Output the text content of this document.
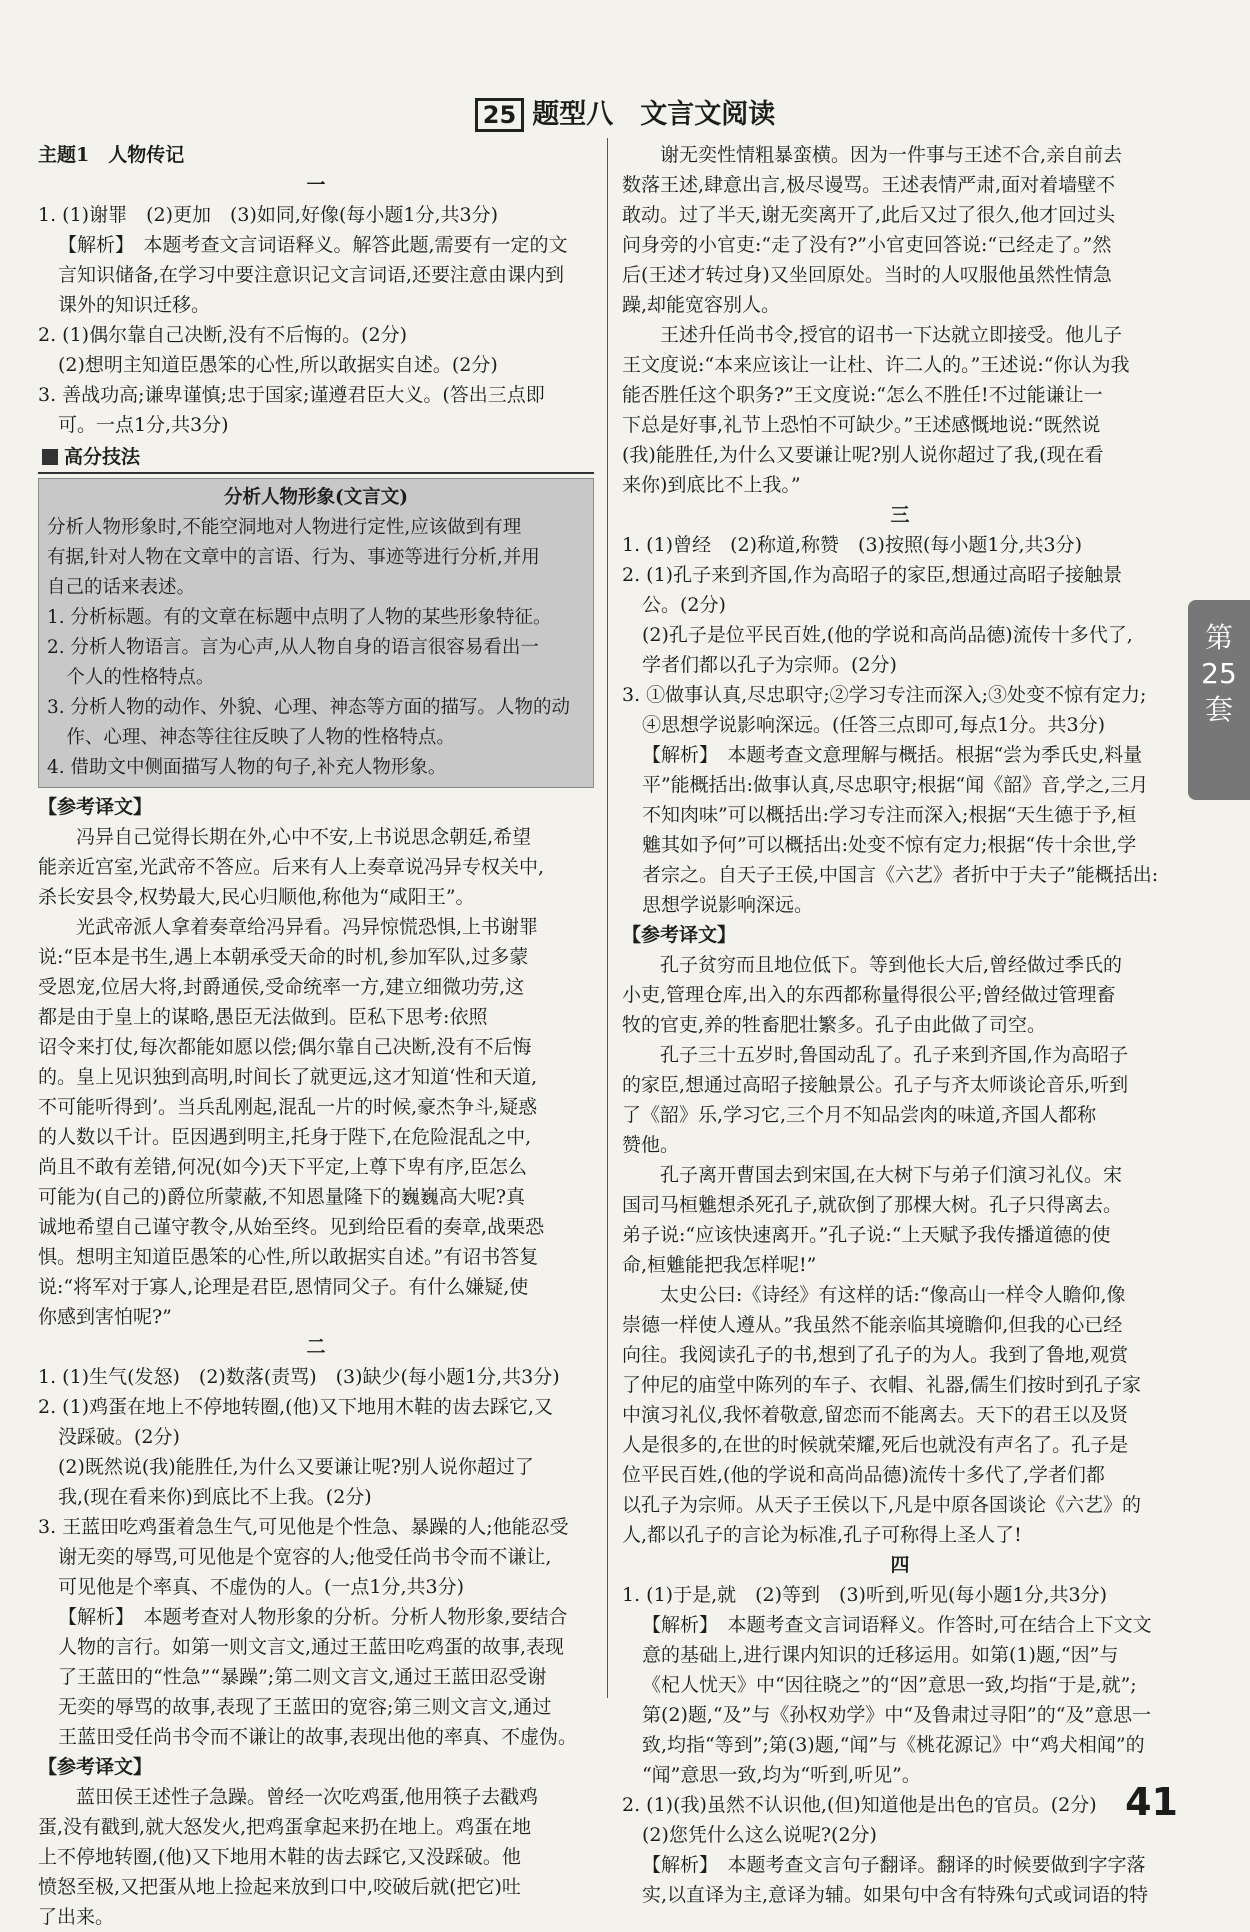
25 题型八　文言文阅读
主题1　人物传记
一
1. (1)谢罪　(2)更加　(3)如同,好像(每小题1分,共3分)
【解析】　本题考查文言词语释义。解答此题,需要有一定的文
言知识储备,在学习中要注意识记文言词语,还要注意由课内到
课外的知识迁移。
2. (1)偶尔靠自己决断,没有不后悔的。(2分)
(2)想明主知道臣愚笨的心性,所以敢据实自述。(2分)
3. 善战功高;谦卑谨慎;忠于国家;谨遵君臣大义。(答出三点即
可。一点1分,共3分)
高分技法
分析人物形象(文言文)
分析人物形象时,不能空洞地对人物进行定性,应该做到有理
有据,针对人物在文章中的言语、行为、事迹等进行分析,并用
自己的话来表述。
1. 分析标题。有的文章在标题中点明了人物的某些形象特征。
2. 分析人物语言。言为心声,从人物自身的语言很容易看出一
个人的性格特点。
3. 分析人物的动作、外貌、心理、神态等方面的描写。人物的动
作、心理、神态等往往反映了人物的性格特点。
4. 借助文中侧面描写人物的句子,补充人物形象。
【参考译文】
冯异自己觉得长期在外,心中不安,上书说思念朝廷,希望
能亲近宫室,光武帝不答应。后来有人上奏章说冯异专权关中,
杀长安县令,权势最大,民心归顺他,称他为“咸阳王”。
光武帝派人拿着奏章给冯异看。冯异惊慌恐惧,上书谢罪
说:“臣本是书生,遇上本朝承受天命的时机,参加军队,过多蒙
受恩宠,位居大将,封爵通侯,受命统率一方,建立细微功劳,这
都是由于皇上的谋略,愚臣无法做到。臣私下思考:依照
诏令来打仗,每次都能如愿以偿;偶尔靠自己决断,没有不后悔
的。皇上见识独到高明,时间长了就更远,这才知道‘性和天道,
不可能听得到’。当兵乱刚起,混乱一片的时候,豪杰争斗,疑惑
的人数以千计。臣因遇到明主,托身于陛下,在危险混乱之中,
尚且不敢有差错,何况(如今)天下平定,上尊下卑有序,臣怎么
可能为(自己的)爵位所蒙蔽,不知恩量隆下的巍巍高大呢?真
诚地希望自己谨守教令,从始至终。见到给臣看的奏章,战栗恐
惧。想明主知道臣愚笨的心性,所以敢据实自述。”有诏书答复
说:“将军对于寡人,论理是君臣,恩情同父子。有什么嫌疑,使
你感到害怕呢?”
二
1. (1)生气(发怒)　(2)数落(责骂)　(3)缺少(每小题1分,共3分)
2. (1)鸡蛋在地上不停地转圈,(他)又下地用木鞋的齿去踩它,又
没踩破。(2分)
(2)既然说(我)能胜任,为什么又要谦让呢?别人说你超过了
我,(现在看来你)到底比不上我。(2分)
3. 王蓝田吃鸡蛋着急生气,可见他是个性急、暴躁的人;他能忍受
谢无奕的辱骂,可见他是个宽容的人;他受任尚书令而不谦让,
可见他是个率真、不虚伪的人。(一点1分,共3分)
【解析】　本题考查对人物形象的分析。分析人物形象,要结合
人物的言行。如第一则文言文,通过王蓝田吃鸡蛋的故事,表现
了王蓝田的“性急”“暴躁”;第二则文言文,通过王蓝田忍受谢
无奕的辱骂的故事,表现了王蓝田的宽容;第三则文言文,通过
王蓝田受任尚书令而不谦让的故事,表现出他的率真、不虚伪。
【参考译文】
蓝田侯王述性子急躁。曾经一次吃鸡蛋,他用筷子去戳鸡
蛋,没有戳到,就大怒发火,把鸡蛋拿起来扔在地上。鸡蛋在地
上不停地转圈,(他)又下地用木鞋的齿去踩它,又没踩破。他
愤怒至极,又把蛋从地上捡起来放到口中,咬破后就(把它)吐
了出来。
谢无奕性情粗暴蛮横。因为一件事与王述不合,亲自前去
数落王述,肆意出言,极尽谩骂。王述表情严肃,面对着墙壁不
敢动。过了半天,谢无奕离开了,此后又过了很久,他才回过头
问身旁的小官吏:“走了没有?”小官吏回答说:“已经走了。”然
后(王述才转过身)又坐回原处。当时的人叹服他虽然性情急
躁,却能宽容别人。
王述升任尚书令,授官的诏书一下达就立即接受。他儿子
王文度说:“本来应该让一让杜、许二人的。”王述说:“你认为我
能否胜任这个职务?”王文度说:“怎么不胜任!不过能谦让一
下总是好事,礼节上恐怕不可缺少。”王述感慨地说:“既然说
(我)能胜任,为什么又要谦让呢?别人说你超过了我,(现在看
来你)到底比不上我。”
三
1. (1)曾经　(2)称道,称赞　(3)按照(每小题1分,共3分)
2. (1)孔子来到齐国,作为高昭子的家臣,想通过高昭子接触景
公。(2分)
(2)孔子是位平民百姓,(他的学说和高尚品德)流传十多代了,
学者们都以孔子为宗师。(2分)
3. ①做事认真,尽忠职守;②学习专注而深入;③处变不惊有定力;
④思想学说影响深远。(任答三点即可,每点1分。共3分)
【解析】　本题考查文意理解与概括。根据“尝为季氏史,料量
平”能概括出:做事认真,尽忠职守;根据“闻《韶》音,学之,三月
不知肉味”可以概括出:学习专注而深入;根据“天生德于予,桓
魋其如予何”可以概括出:处变不惊有定力;根据“传十余世,学
者宗之。自天子王侯,中国言《六艺》者折中于夫子”能概括出:
思想学说影响深远。
【参考译文】
孔子贫穷而且地位低下。等到他长大后,曾经做过季氏的
小吏,管理仓库,出入的东西都称量得很公平;曾经做过管理畜
牧的官吏,养的牲畜肥壮繁多。孔子由此做了司空。
孔子三十五岁时,鲁国动乱了。孔子来到齐国,作为高昭子
的家臣,想通过高昭子接触景公。孔子与齐太师谈论音乐,听到
了《韶》乐,学习它,三个月不知品尝肉的味道,齐国人都称
赞他。
孔子离开曹国去到宋国,在大树下与弟子们演习礼仪。宋
国司马桓魋想杀死孔子,就砍倒了那棵大树。孔子只得离去。
弟子说:“应该快速离开。”孔子说:“上天赋予我传播道德的使
命,桓魋能把我怎样呢!”
太史公曰:《诗经》有这样的话:“像高山一样令人瞻仰,像
崇德一样使人遵从。”我虽然不能亲临其境瞻仰,但我的心已经
向往。我阅读孔子的书,想到了孔子的为人。我到了鲁地,观赏
了仲尼的庙堂中陈列的车子、衣帽、礼器,儒生们按时到孔子家
中演习礼仪,我怀着敬意,留恋而不能离去。天下的君王以及贤
人是很多的,在世的时候就荣耀,死后也就没有声名了。孔子是
位平民百姓,(他的学说和高尚品德)流传十多代了,学者们都
以孔子为宗师。从天子王侯以下,凡是中原各国谈论《六艺》的
人,都以孔子的言论为标准,孔子可称得上圣人了!
四
1. (1)于是,就　(2)等到　(3)听到,听见(每小题1分,共3分)
【解析】　本题考查文言词语释义。作答时,可在结合上下文文
意的基础上,进行课内知识的迁移运用。如第(1)题,“因”与
《杞人忧天》中“因往晓之”的“因”意思一致,均指“于是,就”;
第(2)题,“及”与《孙权劝学》中“及鲁肃过寻阳”的“及”意思一
致,均指“等到”;第(3)题,“闻”与《桃花源记》中“鸡犬相闻”的
“闻”意思一致,均为“听到,听见”。
2. (1)(我)虽然不认识他,(但)知道他是出色的官员。(2分)
(2)您凭什么这么说呢?(2分)
【解析】　本题考查文言句子翻译。翻译的时候要做到字字落
实,以直译为主,意译为辅。如果句中含有特殊句式或词语的特
第
25
套
41
